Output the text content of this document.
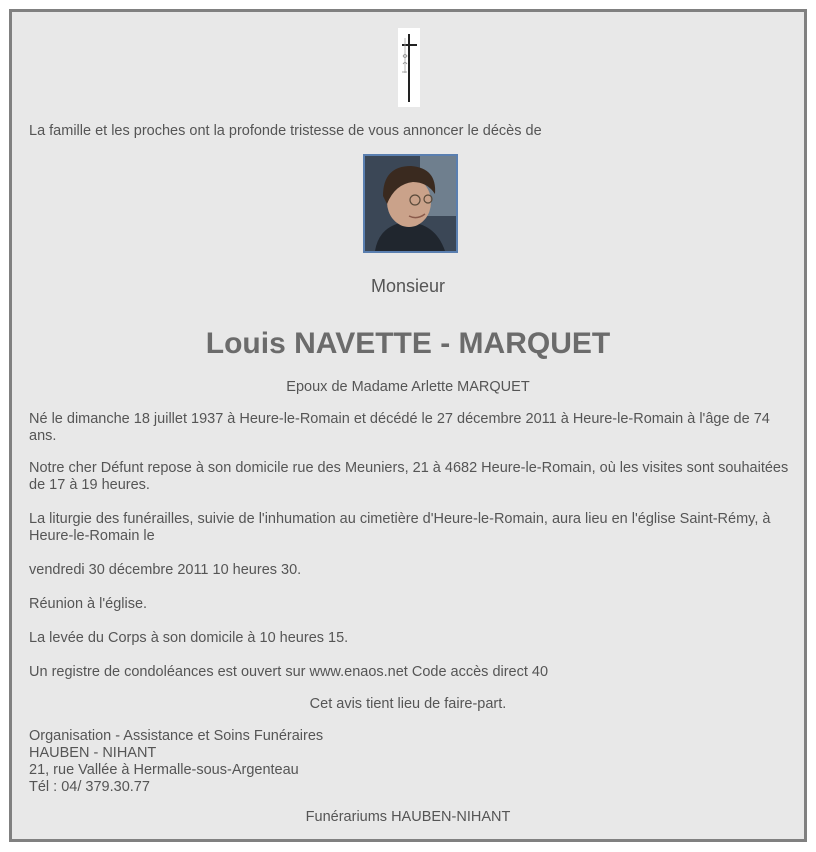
La famille et les proches ont la profonde tristesse de vous annoncer le décès de
Monsieur
Louis NAVETTE - MARQUET
Epoux de Madame Arlette MARQUET
Né le dimanche 18 juillet 1937 à Heure-le-Romain et décédé le 27 décembre 2011 à Heure-le-Romain à l'âge de 74 ans.
Notre cher Défunt repose à son domicile rue des Meuniers, 21 à 4682 Heure-le-Romain, où les visites sont souhaitées de 17 à 19 heures.
La liturgie des funérailles, suivie de l'inhumation au cimetière d'Heure-le-Romain, aura lieu en l'église Saint-Rémy, à Heure-le-Romain le
vendredi 30 décembre 2011 10 heures 30.
Réunion à l'église.
La levée du Corps à son domicile à 10 heures 15.
Un registre de condoléances est ouvert sur www.enaos.net Code accès direct 40
Cet avis tient lieu de faire-part.
Organisation - Assistance et Soins Funéraires
HAUBEN - NIHANT
21, rue Vallée à Hermalle-sous-Argenteau
Tél : 04/ 379.30.77
Funérariums HAUBEN-NIHANT
